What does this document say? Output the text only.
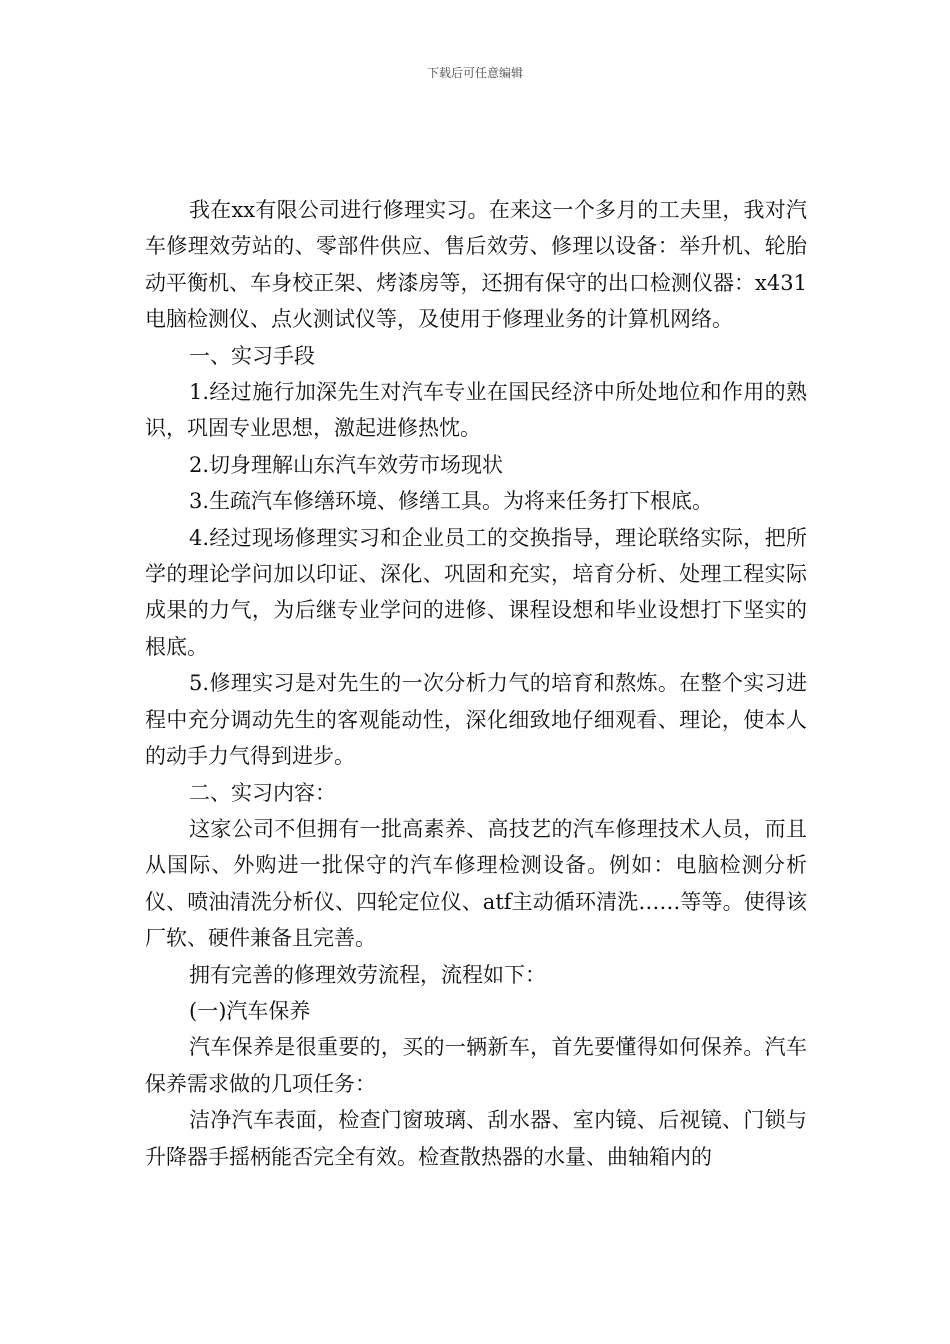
下载后可任意编辑

我在xx有限公司进行修理实习。在来这一个多月的工夫里，我对汽车修理效劳站的、零部件供应、售后效劳、修理以设备：举升机、轮胎动平衡机、车身校正架、烤漆房等，还拥有保守的出口检测仪器：x431电脑检测仪、点火测试仪等，及使用于修理业务的计算机网络。

一、实习手段

1.经过施行加深先生对汽车专业在国民经济中所处地位和作用的熟识，巩固专业思想，激起进修热忱。

2.切身理解山东汽车效劳市场现状

3.生疏汽车修缮环境、修缮工具。为将来任务打下根底。

4.经过现场修理实习和企业员工的交换指导，理论联络实际，把所学的理论学问加以印证、深化、巩固和充实，培育分析、处理工程实际成果的力气，为后继专业学问的进修、课程设想和毕业设想打下坚实的根底。

5.修理实习是对先生的一次分析力气的培育和熬炼。在整个实习进程中充分调动先生的客观能动性，深化细致地仔细观看、理论，使本人的动手力气得到进步。

二、实习内容：

这家公司不但拥有一批高素养、高技艺的汽车修理技术人员，而且从国际、外购进一批保守的汽车修理检测设备。例如：电脑检测分析仪、喷油清洗分析仪、四轮定位仪、atf主动循环清洗……等等。使得该厂软、硬件兼备且完善。

拥有完善的修理效劳流程，流程如下：

(一)汽车保养

汽车保养是很重要的，买的一辆新车，首先要懂得如何保养。汽车保养需求做的几项任务：

洁净汽车表面，检查门窗玻璃、刮水器、室内镜、后视镜、门锁与升降器手摇柄能否完全有效。检查散热器的水量、曲轴箱内的
